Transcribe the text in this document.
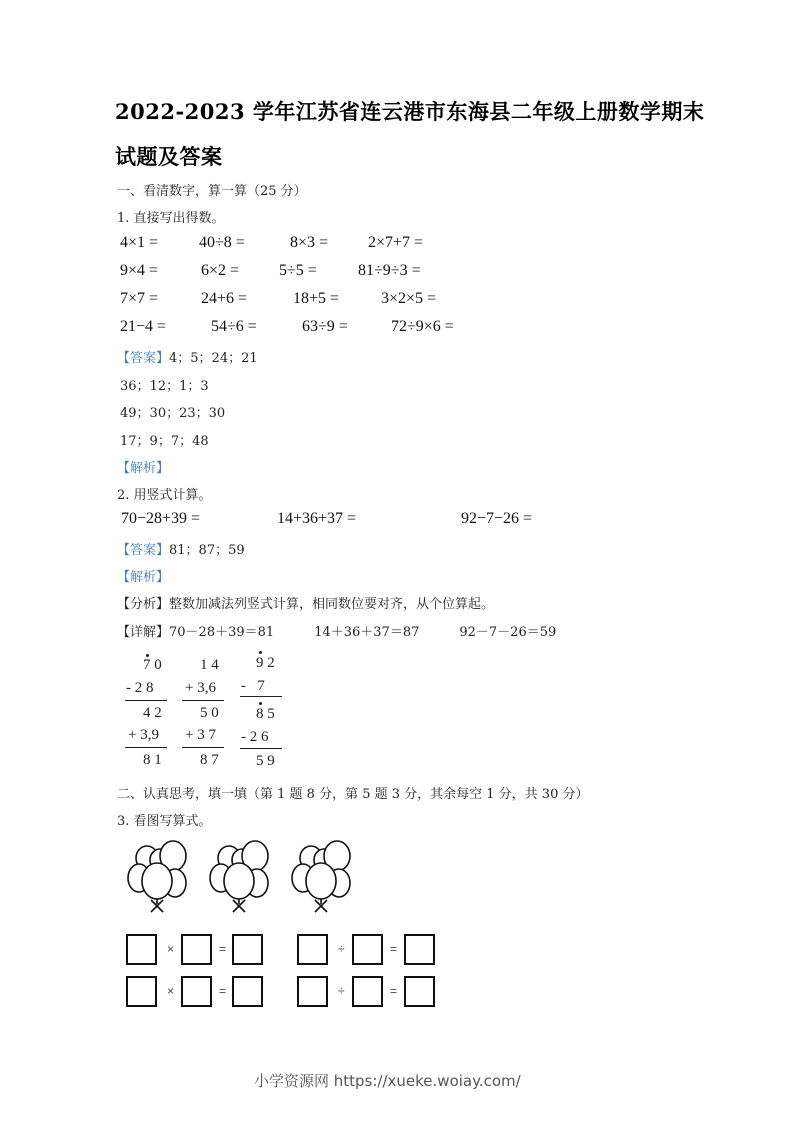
2022-2023 学年江苏省连云港市东海县二年级上册数学期末
试题及答案
一、看清数字，算一算（25 分）
1. 直接写出得数。
4×1 =	40÷8 =	8×3 = 2×7+7 =
9×4 =	6×2 = 5÷5 =	81÷9÷3 =
7×7 =	24+6 =	18+5 =	3×2×5 =
21−4 =	54÷6 =	63÷9 =	72÷9×6 =
【答案】4；5；24；21
36；12；1；3
49；30；23；30
17；9；7；48
【解析】
2. 用竖式计算。
70−28+39 =	14+36+37 =	92−7−26 =
【答案】81；87；59
【解析】
【分析】整数加减法列竖式计算，相同数位要对齐，从个位算起。
【详解】70－28＋39＝81	14＋36＋37＝87	92－7－26＝59
7 0
- 2 8
4 2
+ 3,9
8 1
1 4
+ 3,6
5 0
+ 3 7
8 7
9 2
-   7
8 5
- 2 6
5 9
二、认真思考，填一填（第 1 题 8 分，第 5 题 3 分，其余每空 1 分，共 30 分）
3. 看图写算式。
×	=	÷	=
×	=	÷	=
小学资源网 https://xueke.woiay.com/
